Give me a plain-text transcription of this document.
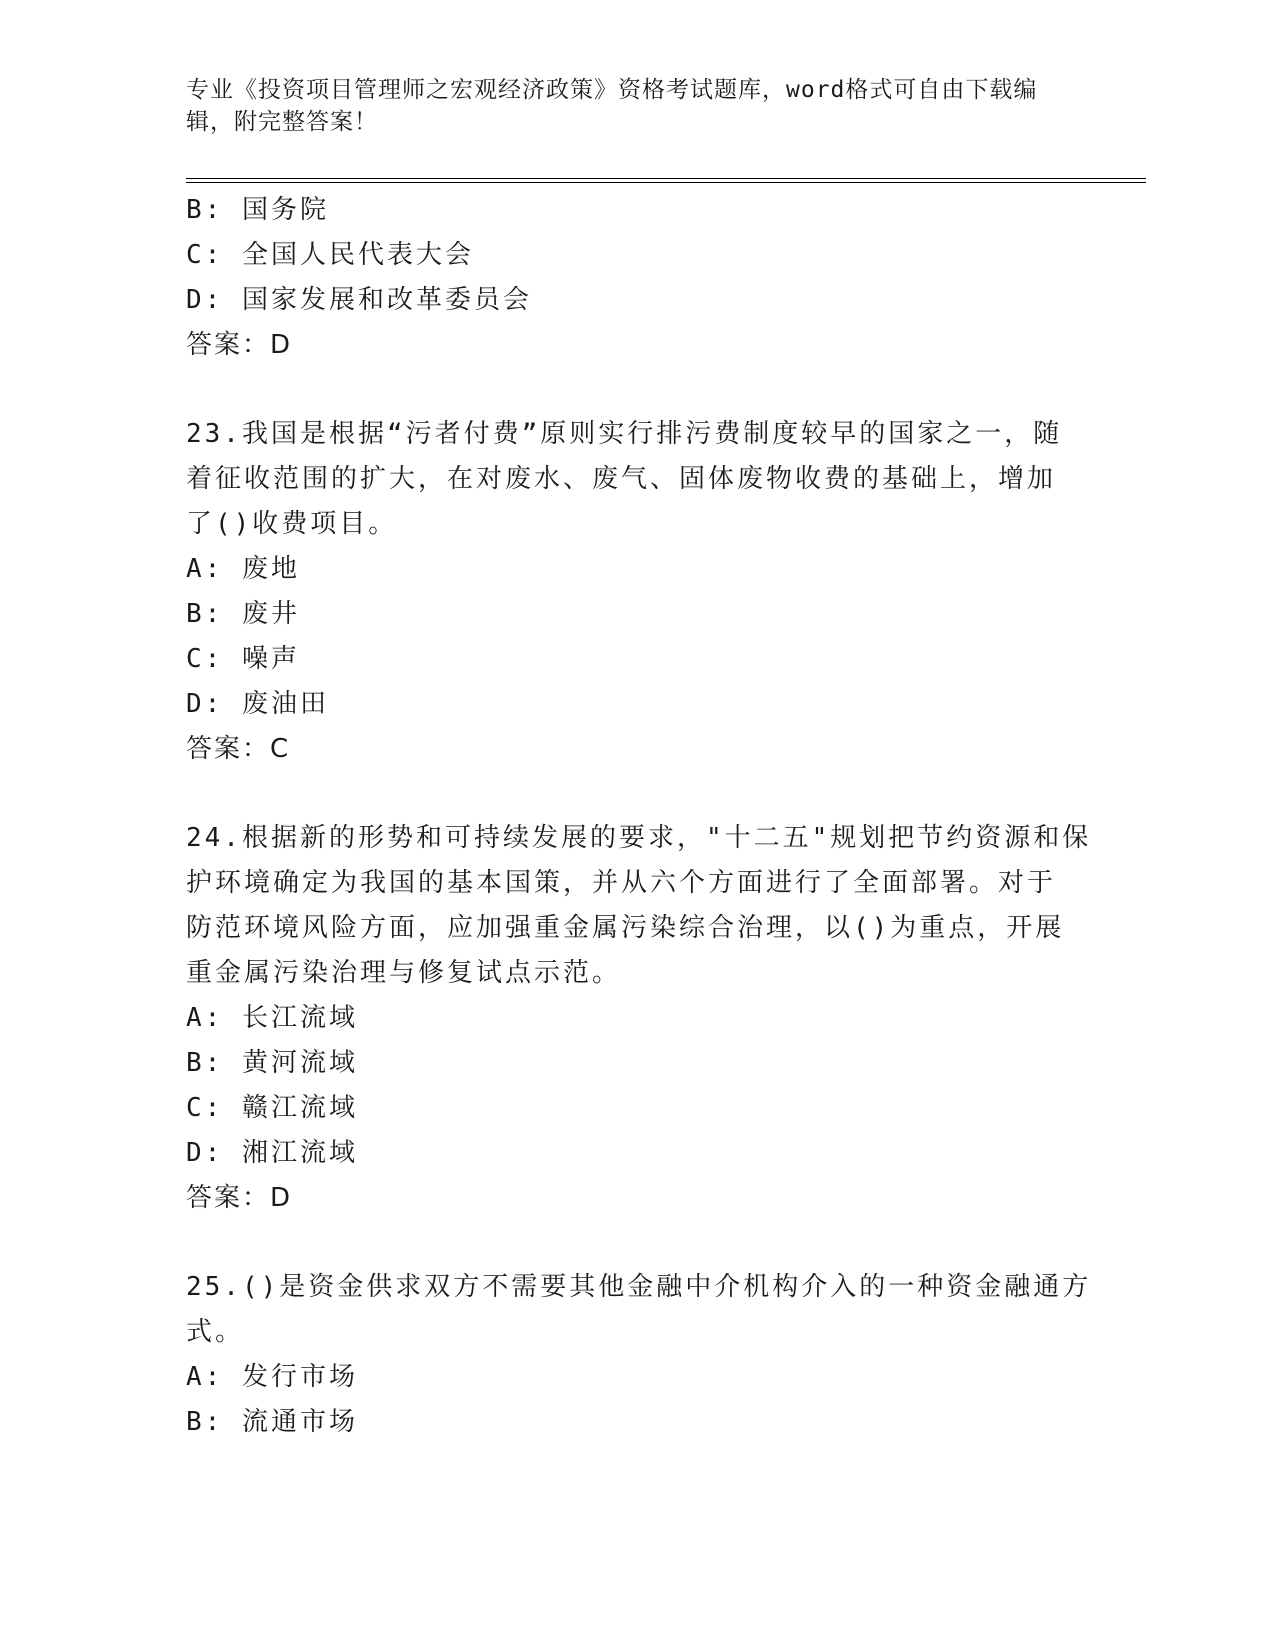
专业《投资项目管理师之宏观经济政策》资格考试题库，word格式可自由下载编
辑，附完整答案！
B: 国务院
C: 全国人民代表大会
D: 国家发展和改革委员会
答案：D
23.我国是根据“污者付费”原则实行排污费制度较早的国家之一，随
着征收范围的扩大，在对废水、废气、固体废物收费的基础上，增加
了()收费项目。
A: 废地
B: 废井
C: 噪声
D: 废油田
答案：C
24.根据新的形势和可持续发展的要求，"十二五"规划把节约资源和保
护环境确定为我国的基本国策，并从六个方面进行了全面部署。对于
防范环境风险方面，应加强重金属污染综合治理，以()为重点，开展
重金属污染治理与修复试点示范。
A: 长江流域
B: 黄河流域
C: 赣江流域
D: 湘江流域
答案：D
25.()是资金供求双方不需要其他金融中介机构介入的一种资金融通方
式。
A: 发行市场
B: 流通市场
